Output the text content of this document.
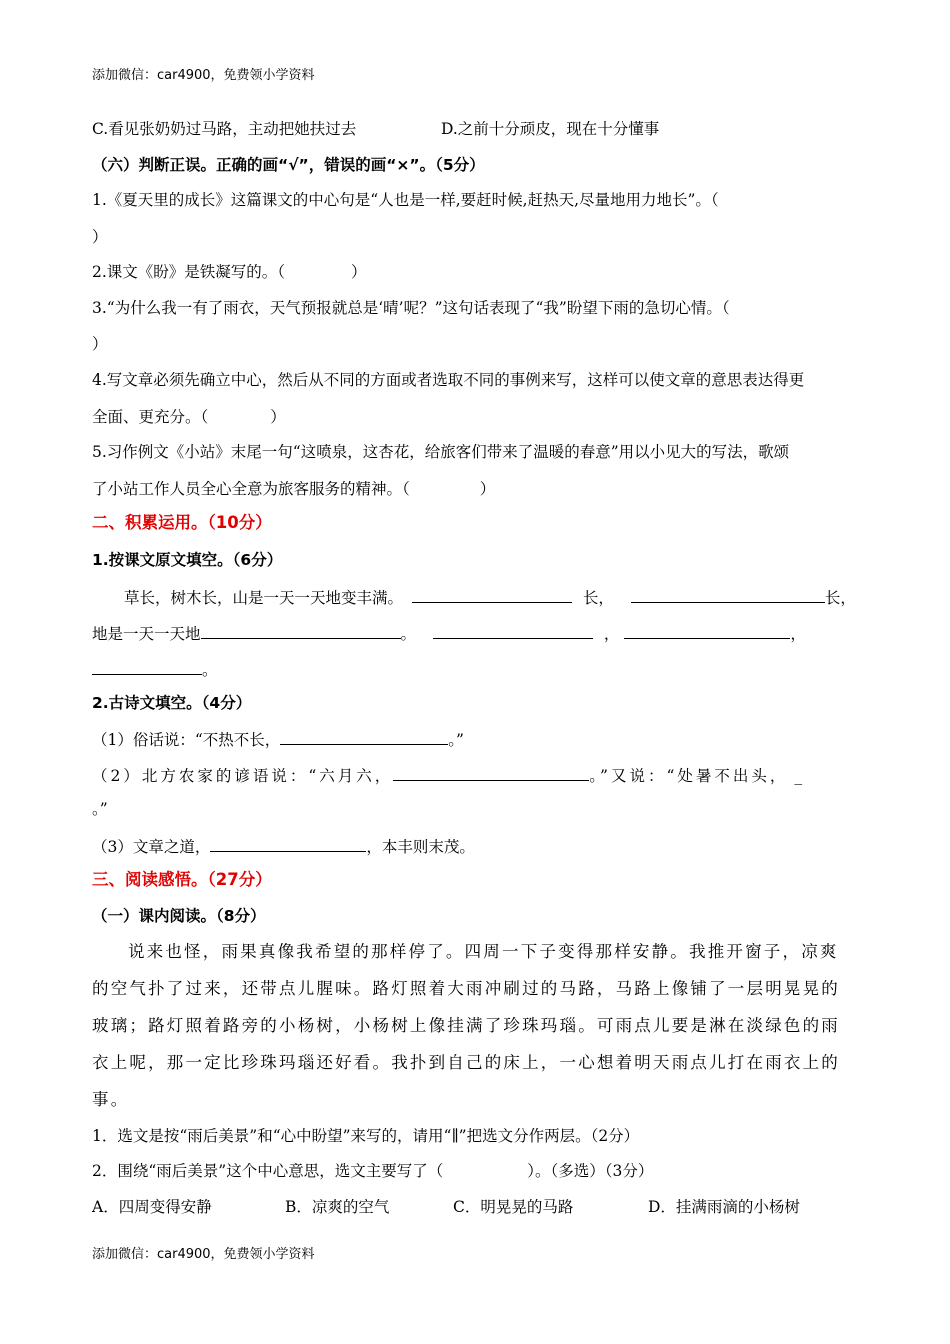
添加微信：car4900，免费领小学资料
C.看见张奶奶过马路，主动把她扶过去	D.之前十分顽皮，现在十分懂事
（六）判断正误。正确的画“√”，错误的画“×”。（5分）
1.《夏天里的成长》这篇课文的中心句是“人也是一样,要赶时候,赶热天,尽量地用力地长”。（
）
2.课文《盼》是铁凝写的。（	）
3.“为什么我一有了雨衣，天气预报就总是‘晴’呢？”这句话表现了“我”盼望下雨的急切心情。（
）
4.写文章必须先确立中心，然后从不同的方面或者选取不同的事例来写，这样可以使文章的意思表达得更
全面、更充分。（	）
5.习作例文《小站》末尾一句“这喷泉，这杏花，给旅客们带来了温暖的春意”用以小见大的写法，歌颂
了小站工作人员全心全意为旅客服务的精神。（	）
二、积累运用。（10分）
1.按课文原文填空。（6分）
草长，树木长，山是一天一天地变丰满。	长，	长，
地是一天一天地	。	，	，
。
2.古诗文填空。（4分）
（1）俗话说：“不热不长，	。”
（2）北方农家的谚语说：“六月六，	。”又说：“处暑不出头， _
。”
（3）文章之道，	，本丰则末茂。
三、阅读感悟。（27分）
（一）课内阅读。（8分）
说来也怪，雨果真像我希望的那样停了。四周一下子变得那样安静。我推开窗子，凉爽
的空气扑了过来，还带点儿腥味。路灯照着大雨冲刷过的马路，马路上像铺了一层明晃晃的
玻璃；路灯照着路旁的小杨树，小杨树上像挂满了珍珠玛瑙。可雨点儿要是淋在淡绿色的雨
衣上呢，那一定比珍珠玛瑙还好看。我扑到自己的床上，一心想着明天雨点儿打在雨衣上的
事。
1．选文是按“雨后美景”和“心中盼望”来写的，请用“∥”把选文分作两层。（2分）
2．围绕“雨后美景”这个中心意思，选文主要写了（	）。（多选）（3分）
A．四周变得安静	B．凉爽的空气	C．明晃晃的马路	D．挂满雨滴的小杨树
添加微信：car4900，免费领小学资料
